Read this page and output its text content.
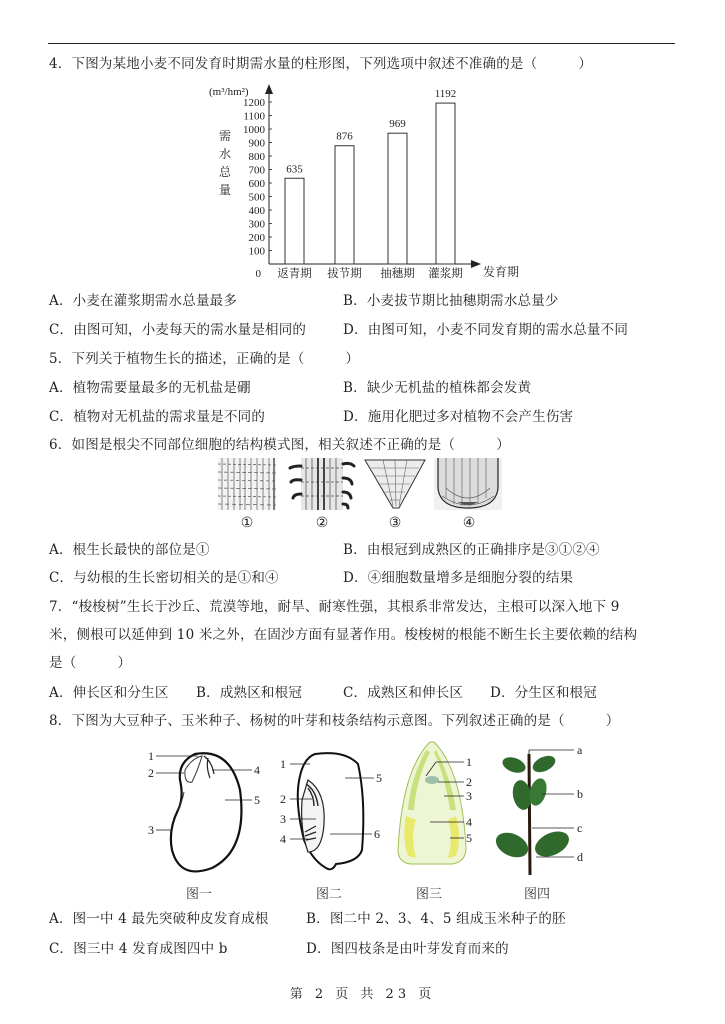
4．下图为某地小麦不同发育时期需水量的柱形图，下列选项中叙述不准确的是（　　　）
(m³/hm²)
需
水
总
量
0
100
200
300
400
500
600
700
800
900
1000
1100
1200
635
返青期
876
拔节期
969
抽穗期
1192
灌浆期 发育期
A．小麦在灌浆期需水总量最多	B．小麦拔节期比抽穗期需水总量少
C．由图可知，小麦每天的需水量是相同的	D．由图可知，小麦不同发育期的需水总量不同
5．下列关于植物生长的描述，正确的是（　　　）
A．植物需要量最多的无机盐是硼	B．缺少无机盐的植株都会发黄
C．植物对无机盐的需求量是不同的	D．施用化肥过多对植物不会产生伤害
6．如图是根尖不同部位细胞的结构模式图，相关叙述不正确的是（　　　）
①	②	③	④
A．根生长最快的部位是①	B．由根冠到成熟区的正确排序是③①②④
C．与幼根的生长密切相关的是①和④	D．④细胞数量增多是细胞分裂的结果
7．“梭梭树”生长于沙丘、荒漠等地，耐旱、耐寒性强，其根系非常发达，主根可以深入地下 9
米，侧根可以延伸到 10 米之外，在固沙方面有显著作用。梭梭树的根能不断生长主要依赖的结构
是（　　　）
A．伸长区和分生区 B．成熟区和根冠	C．成熟区和伸长区 D．分生区和根冠
8．下图为大豆种子、玉米种子、杨树的叶芽和枝条结构示意图。下列叙述正确的是（　　　）
1
2
3
4
5
1
2
3
4
5
6
1
2
3
4
5
a
b
c
d
图一	图二	图三	图四
A．图一中 4 最先突破种皮发育成根	B．图二中 2、3、4、5 组成玉米种子的胚
C．图三中 4 发育成图四中 b	D．图四枝条是由叶芽发育而来的
第 2 页 共 23 页
